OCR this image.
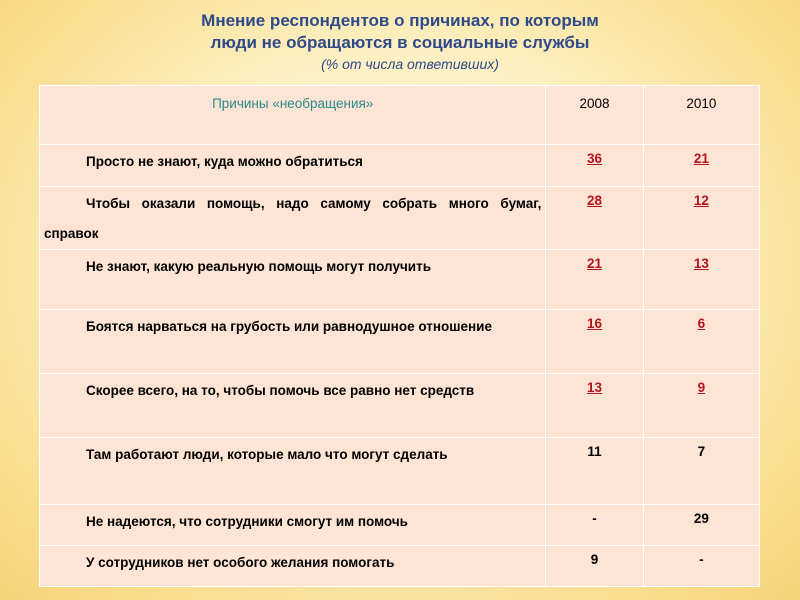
Мнение респондентов о причинах, по которым
люди не обращаются в социальные службы
(% от числа ответивших)
Причины «необращения»	2008	2010
Просто не знают, куда можно обратиться	36	21
Чтобы оказали помощь, надо самому собрать много бумаг, справок	28	12
Не знают, какую реальную помощь могут получить	21	13
Боятся нарваться на грубость или равнодушное отношение	16	6
Скорее всего, на то, чтобы помочь все равно нет средств	13	9
Там работают люди, которые мало что могут сделать	11	7
Не надеются, что сотрудники смогут им помочь	-	29
У сотрудников нет особого желания помогать	9	-
